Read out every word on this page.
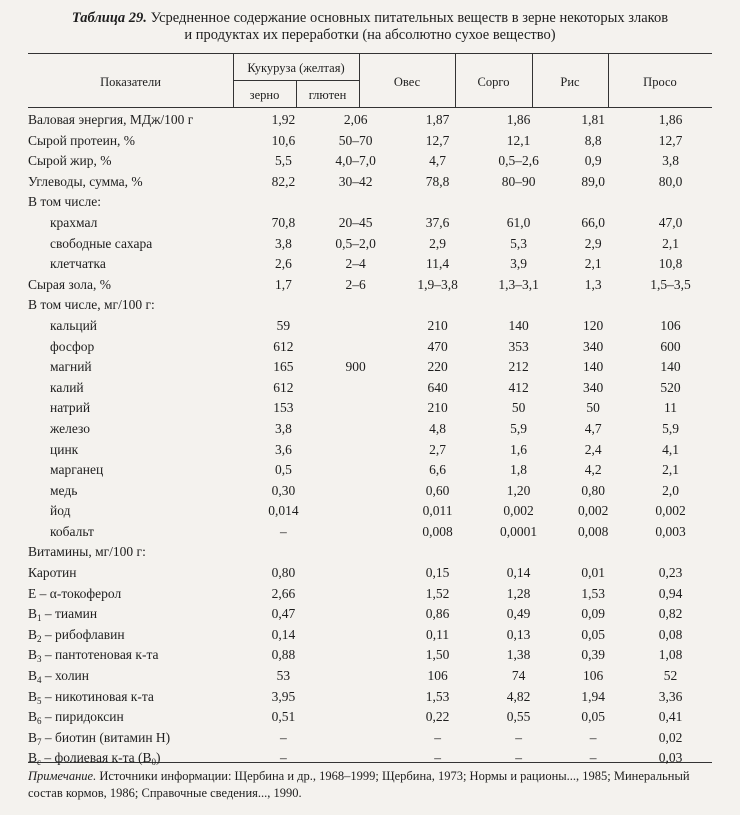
Таблица 29. Усредненное содержание основных питательных веществ в зерне некоторых злаков
и продуктах их переработки (на абсолютно сухое вещество)
Показатели
Кукуруза (желтая)
зерно	глютен
Овес	Сорго	Рис	Просо
Валовая энергия, МДж/100 г	1,92	2,06	1,87	1,86	1,81	1,86
Сырой протеин, %	10,6	50–70	12,7	12,1	8,8	12,7
Сырой жир, %	5,5	4,0–7,0	4,7	0,5–2,6	0,9	3,8
Углеводы, сумма, %	82,2	30–42	78,8	80–90	89,0	80,0
В том числе:						
крахмал	70,8	20–45	37,6	61,0	66,0	47,0
свободные сахара	3,8	0,5–2,0	2,9	5,3	2,9	2,1
клетчатка	2,6	2–4	11,4	3,9	2,1	10,8
Сырая зола, %	1,7	2–6	1,9–3,8	1,3–3,1	1,3	1,5–3,5
В том числе, мг/100 г:						
кальций	59		210	140	120	106
фосфор	612		470	353	340	600
магний	165	900	220	212	140	140
калий	612		640	412	340	520
натрий	153		210	50	50	11
железо	3,8		4,8	5,9	4,7	5,9
цинк	3,6		2,7	1,6	2,4	4,1
марганец	0,5		6,6	1,8	4,2	2,1
медь	0,30		0,60	1,20	0,80	2,0
йод	0,014		0,011	0,002	0,002	0,002
кобальт	–		0,008	0,0001	0,008	0,003
Витамины, мг/100 г:						
Каротин	0,80		0,15	0,14	0,01	0,23
Е – α-токоферол	2,66		1,52	1,28	1,53	0,94
$B_1$ – тиамин	0,47		0,86	0,49	0,09	0,82
$B_2$ – рибофлавин	0,14		0,11	0,13	0,05	0,08
$B_3$ – пантотеновая к-та	0,88		1,50	1,38	0,39	1,08
$B_4$ – холин	53		106	74	106	52
$B_5$ – никотиновая к-та	3,95		1,53	4,82	1,94	3,36
$B_6$ – пиридоксин	0,51		0,22	0,55	0,05	0,41
$B_7$ – биотин (витамин Н)	–		–	–	–	0,02
$B_c$ – фолиевая к-та $(B_0)$	–		–	–	–	0,03
Примечание. Источники информации: Щербина и др., 1968–1999; Щербина, 1973; Нормы и рационы..., 1985; Минеральный состав кормов, 1986; Справочные сведения..., 1990.
